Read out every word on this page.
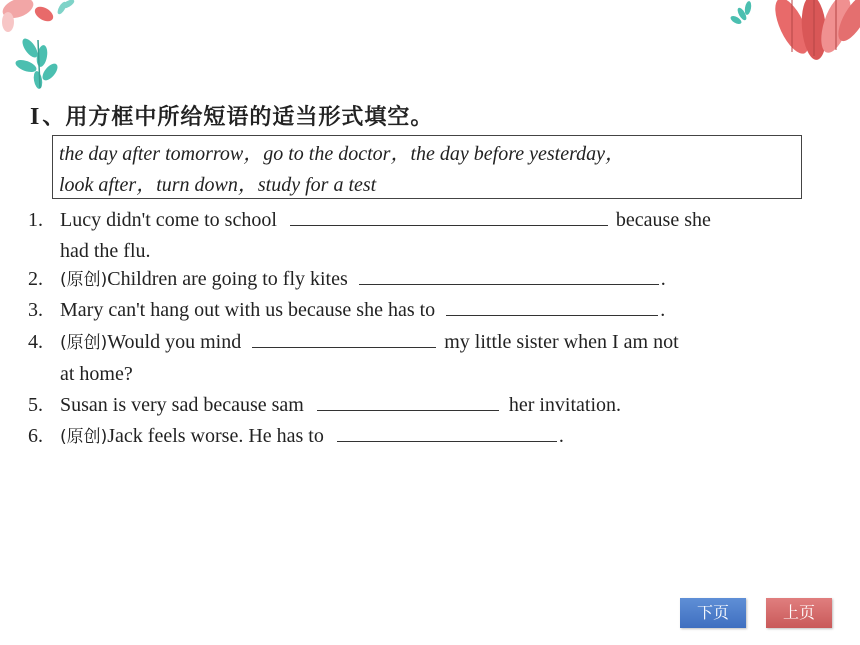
I、用方框中所给短语的适当形式填空。
the day after tomorrow，go to the doctor，the day before yesterday，
look after，turn down，study for a test
1. Lucy didn't come to school	because she
had the flu.
2. (原创)Children are going to fly kites	.
3. Mary can't hang out with us because she has to	.
4. (原创)Would you mind	my little sister when I am not
at home?
5. Susan is very sad because sam	her invitation.
6. (原创)Jack feels worse. He has to	.
下页	上页
